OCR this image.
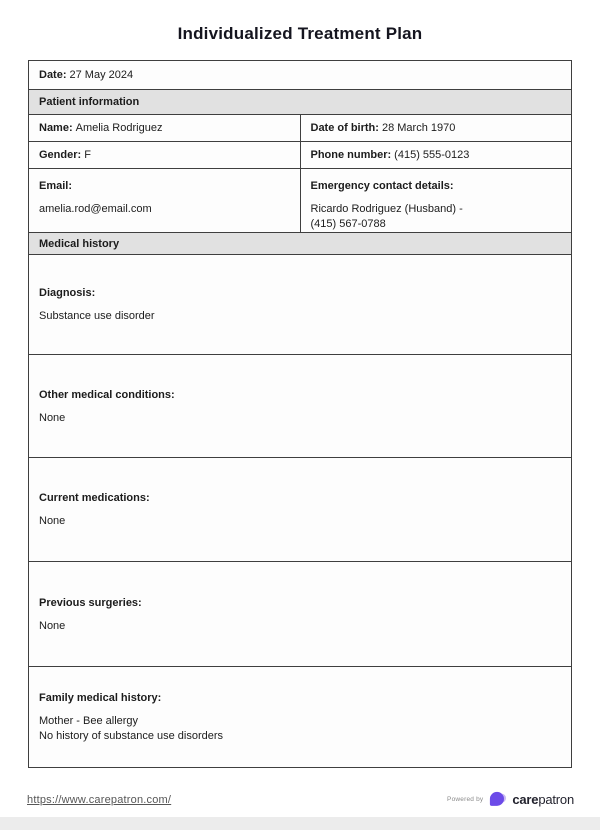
Individualized Treatment Plan
Date: 27 May 2024	
Patient information	
Name: Amelia Rodriguez	Date of birth: 28 March 1970
Gender: F	Phone number: (415) 555-0123

Email:
amelia.rod@email.com

Emergency contact details:
Ricardo Rodriguez (Husband) -
(415) 567-0788

Medical history	

Diagnosis:
Substance use disorder	

Other medical conditions:
None	

Current medications:
None	

Previous surgeries:
None	

Family medical history:
Mother - Bee allergy
No history of substance use disorders	
https://www.carepatron.com/	Powered by carepatron
